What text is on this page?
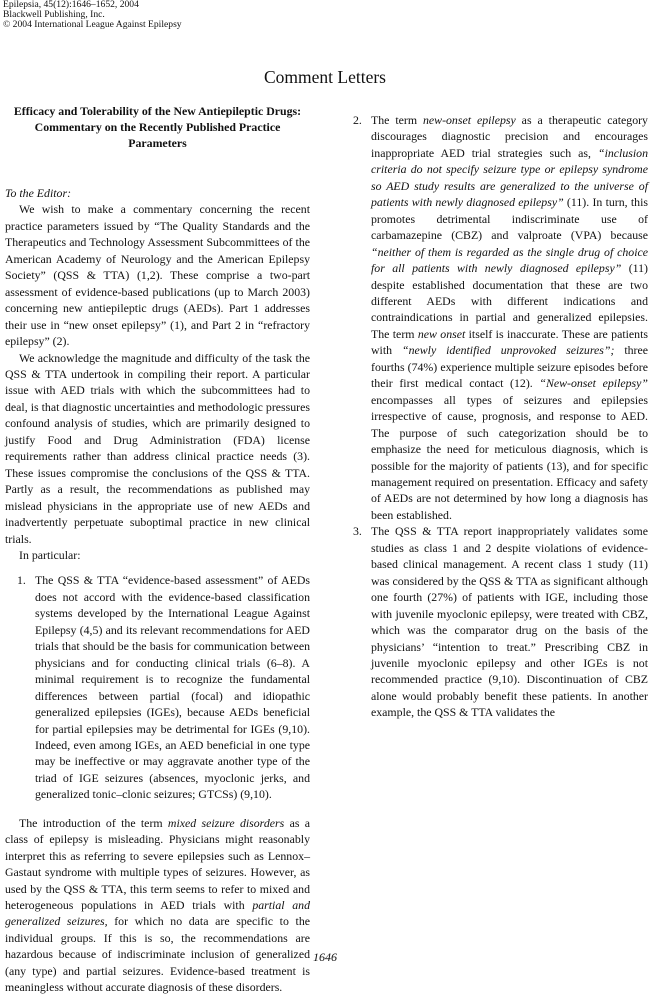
Epilepsia, 45(12):1646–1652, 2004
Blackwell Publishing, Inc.
© 2004 International League Against Epilepsy
Comment Letters
Efficacy and Tolerability of the New Antiepileptic Drugs: Commentary on the Recently Published Practice Parameters

To the Editor:

We wish to make a commentary concerning the recent practice parameters issued by “The Quality Standards and the Therapeutics and Technology Assessment Subcommittees of the American Academy of Neurology and the American Epilepsy Society” (QSS & TTA) (1,2). These comprise a two-part assessment of evidence-based publications (up to March 2003) concerning new antiepileptic drugs (AEDs). Part 1 addresses their use in “new onset epilepsy” (1), and Part 2 in “refractory epilepsy” (2).

We acknowledge the magnitude and difficulty of the task the QSS & TTA undertook in compiling their report. A particular issue with AED trials with which the subcommittees had to deal, is that diagnostic uncertainties and methodologic pressures confound analysis of studies, which are primarily designed to justify Food and Drug Administration (FDA) license requirements rather than address clinical practice needs (3). These issues compromise the conclusions of the QSS & TTA. Partly as a result, the recommendations as published may mislead physicians in the appropriate use of new AEDs and inadvertently perpetuate suboptimal practice in new clinical trials.

In particular:

1. The QSS & TTA “evidence-based assessment” of AEDs does not accord with the evidence-based classification systems developed by the International League Against Epilepsy (4,5) and its relevant recommendations for AED trials that should be the basis for communication between physicians and for conducting clinical trials (6–8). A minimal requirement is to recognize the fundamental differences between partial (focal) and idiopathic generalized epilepsies (IGEs), because AEDs beneficial for partial epilepsies may be detrimental for IGEs (9,10). Indeed, even among IGEs, an AED beneficial in one type may be ineffective or may aggravate another type of the triad of IGE seizures (absences, myoclonic jerks, and generalized tonic–clonic seizures; GTCSs) (9,10).

The introduction of the term mixed seizure disorders as a class of epilepsy is misleading. Physicians might reasonably interpret this as referring to severe epilepsies such as Lennox–Gastaut syndrome with multiple types of seizures. However, as used by the QSS & TTA, this term seems to refer to mixed and heterogeneous populations in AED trials with partial and generalized seizures, for which no data are specific to the individual groups. If this is so, the recommendations are hazardous because of indiscriminate inclusion of generalized (any type) and partial seizures. Evidence-based treatment is meaningless without accurate diagnosis of these disorders.

2. The term new-onset epilepsy as a therapeutic category discourages diagnostic precision and encourages inappropriate AED trial strategies such as, “inclusion criteria do not specify seizure type or epilepsy syndrome so AED study results are generalized to the universe of patients with newly diagnosed epilepsy” (11). In turn, this promotes detrimental indiscriminate use of carbamazepine (CBZ) and valproate (VPA) because “neither of them is regarded as the single drug of choice for all patients with newly diagnosed epilepsy” (11) despite established documentation that these are two different AEDs with different indications and contraindications in partial and generalized epilepsies. The term new onset itself is inaccurate. These are patients with “newly identified unprovoked seizures”; three fourths (74%) experience multiple seizure episodes before their first medical contact (12). “New-onset epilepsy” encompasses all types of seizures and epilepsies irrespective of cause, prognosis, and response to AED. The purpose of such categorization should be to emphasize the need for meticulous diagnosis, which is possible for the majority of patients (13), and for specific management required on presentation. Efficacy and safety of AEDs are not determined by how long a diagnosis has been established.
3. The QSS & TTA report inappropriately validates some studies as class 1 and 2 despite violations of evidence-based clinical management. A recent class 1 study (11) was considered by the QSS & TTA as significant although one fourth (27%) of patients with IGE, including those with juvenile myoclonic epilepsy, were treated with CBZ, which was the comparator drug on the basis of the physicians’ “intention to treat.” Prescribing CBZ in juvenile myoclonic epilepsy and other IGEs is not recommended practice (9,10). Discontinuation of CBZ alone would probably benefit these patients. In another example, the QSS & TTA validates the
1646
